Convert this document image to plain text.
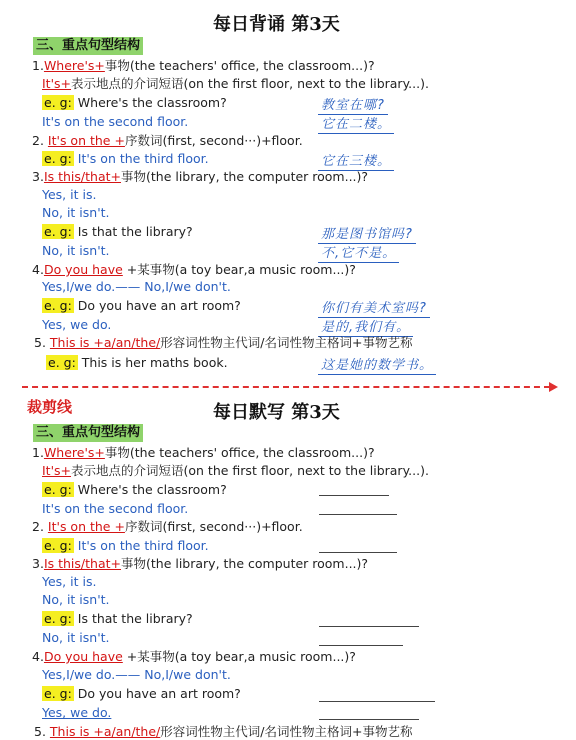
每日背诵 第3天
三、重点句型结构
1.Where's+事物(the teachers' office, the classroom...)?
It's+表示地点的介词短语(on the first floor, next to the library...).
e. g: Where's the classroom?	教室在哪?
It's on the second floor.	它在二楼。
2. It's on the +序数词(first, second···)+floor.
e. g: It's on the third floor.	它在三楼。
3.Is this/that+事物(the library, the computer room...)?
Yes, it is.
No, it isn't.
e. g: Is that the library?	那是图书馆吗?
No, it isn't.	不,它不是。
4.Do you have +某事物(a toy bear,a music room...)?
Yes,I/we do.—— No,I/we don't.
e. g: Do you have an art room?	你们有美术室吗?
Yes, we do.	是的,我们有。
5. This is +a/an/the/形容词性物主代词/名词性物主格词+事物艺称
e. g: This is her maths book.	这是她的数学书。
裁剪线	每日默写 第3天
三、重点句型结构
1.Where's+事物(the teachers' office, the classroom...)?
It's+表示地点的介词短语(on the first floor, next to the library...).
e. g: Where's the classroom?
It's on the second floor.
2. It's on the +序数词(first, second···)+floor.
e. g: It's on the third floor.
3.Is this/that+事物(the library, the computer room...)?
Yes, it is.
No, it isn't.
e. g: Is that the library?
No, it isn't.
4.Do you have +某事物(a toy bear,a music room...)?
Yes,I/we do.—— No,I/we don't.
e. g: Do you have an art room?
Yes, we do.
5. This is +a/an/the/形容词性物主代词/名词性物主格词+事物艺称
